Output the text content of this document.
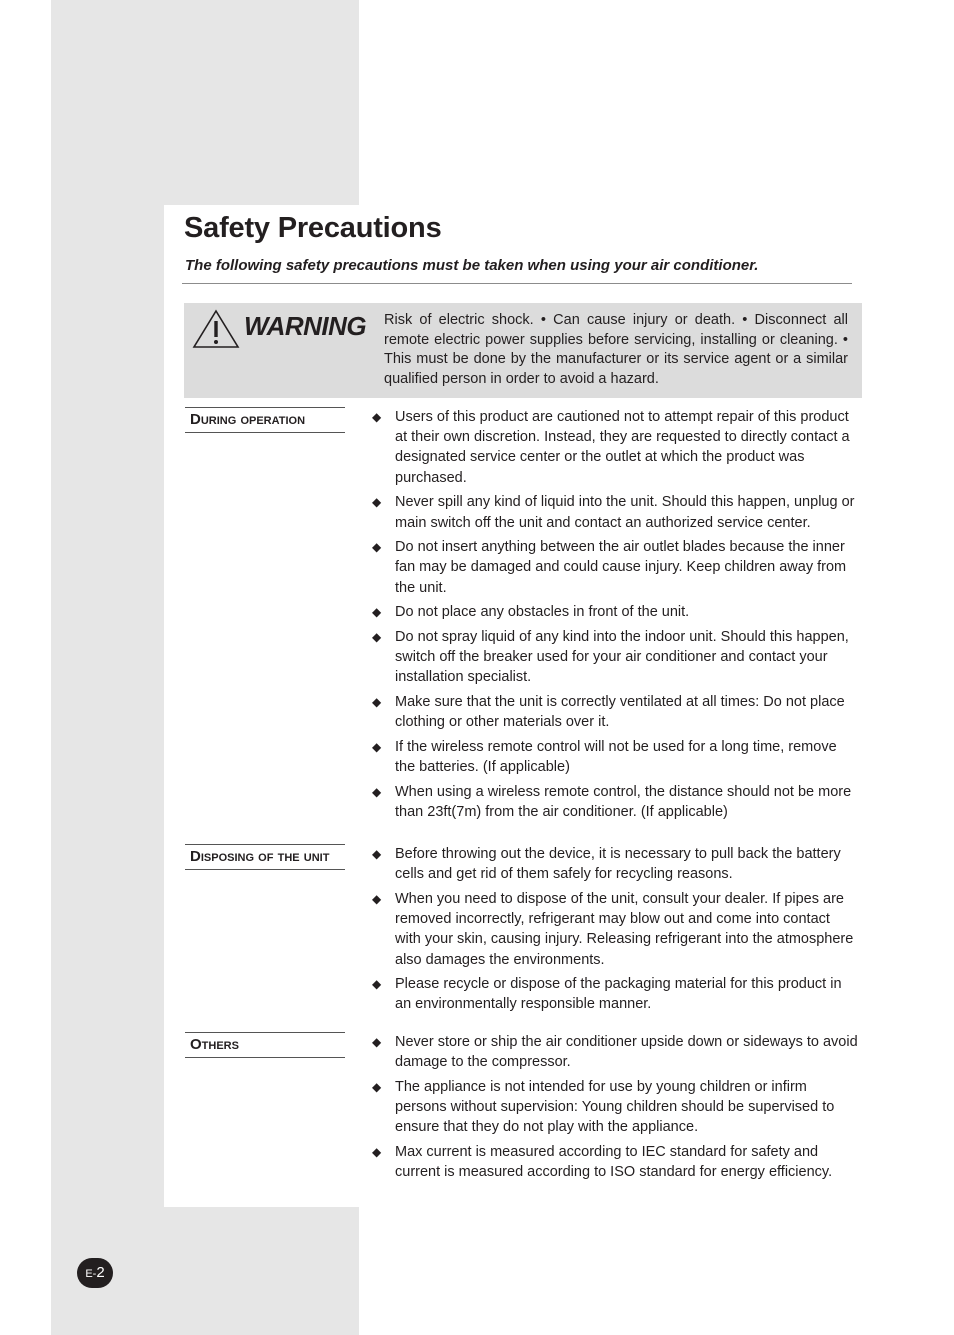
Safety Precautions

The following safety precautions must be taken when using your air conditioner.

WARNING Risk of electric shock. • Can cause injury or death. • Disconnect all remote electric power supplies before servicing, installing or cleaning. • This must be done by the manufacturer or its service agent or a similar qualified person in order to avoid a hazard.

During operation	◆ Users of this product are cautioned not to attempt repair of this product at their own discretion. Instead, they are requested to directly contact a designated service center or the outlet at which the product was purchased.
◆ Never spill any kind of liquid into the unit. Should this happen, unplug or main switch off the unit and contact an authorized service center.
◆ Do not insert anything between the air outlet blades because the inner fan may be damaged and could cause injury. Keep children away from the unit.
◆ Do not place any obstacles in front of the unit.
◆ Do not spray liquid of any kind into the indoor unit. Should this happen, switch off the breaker used for your air conditioner and contact your installation specialist.
◆ Make sure that the unit is correctly ventilated at all times: Do not place clothing or other materials over it.
◆ If the wireless remote control will not be used for a long time, remove the batteries. (If applicable)
◆ When using a wireless remote control, the distance should not be more than 23ft(7m) from the air conditioner. (If applicable)
Disposing of the unit	◆ Before throwing out the device, it is necessary to pull back the battery cells and get rid of them safely for recycling reasons.
◆ When you need to dispose of the unit, consult your dealer. If pipes are removed incorrectly, refrigerant may blow out and come into contact with your skin, causing injury. Releasing refrigerant into the atmosphere also damages the environments.
◆ Please recycle or dispose of the packaging material for this product in an environmentally responsible manner.
Others	◆ Never store or ship the air conditioner upside down or sideways to avoid damage to the compressor.
◆ The appliance is not intended for use by young children or infirm persons without supervision: Young children should be supervised to ensure that they do not play with the appliance.
◆ Max current is measured according to IEC standard for safety and current is measured according to ISO standard for energy efficiency.
E-2
